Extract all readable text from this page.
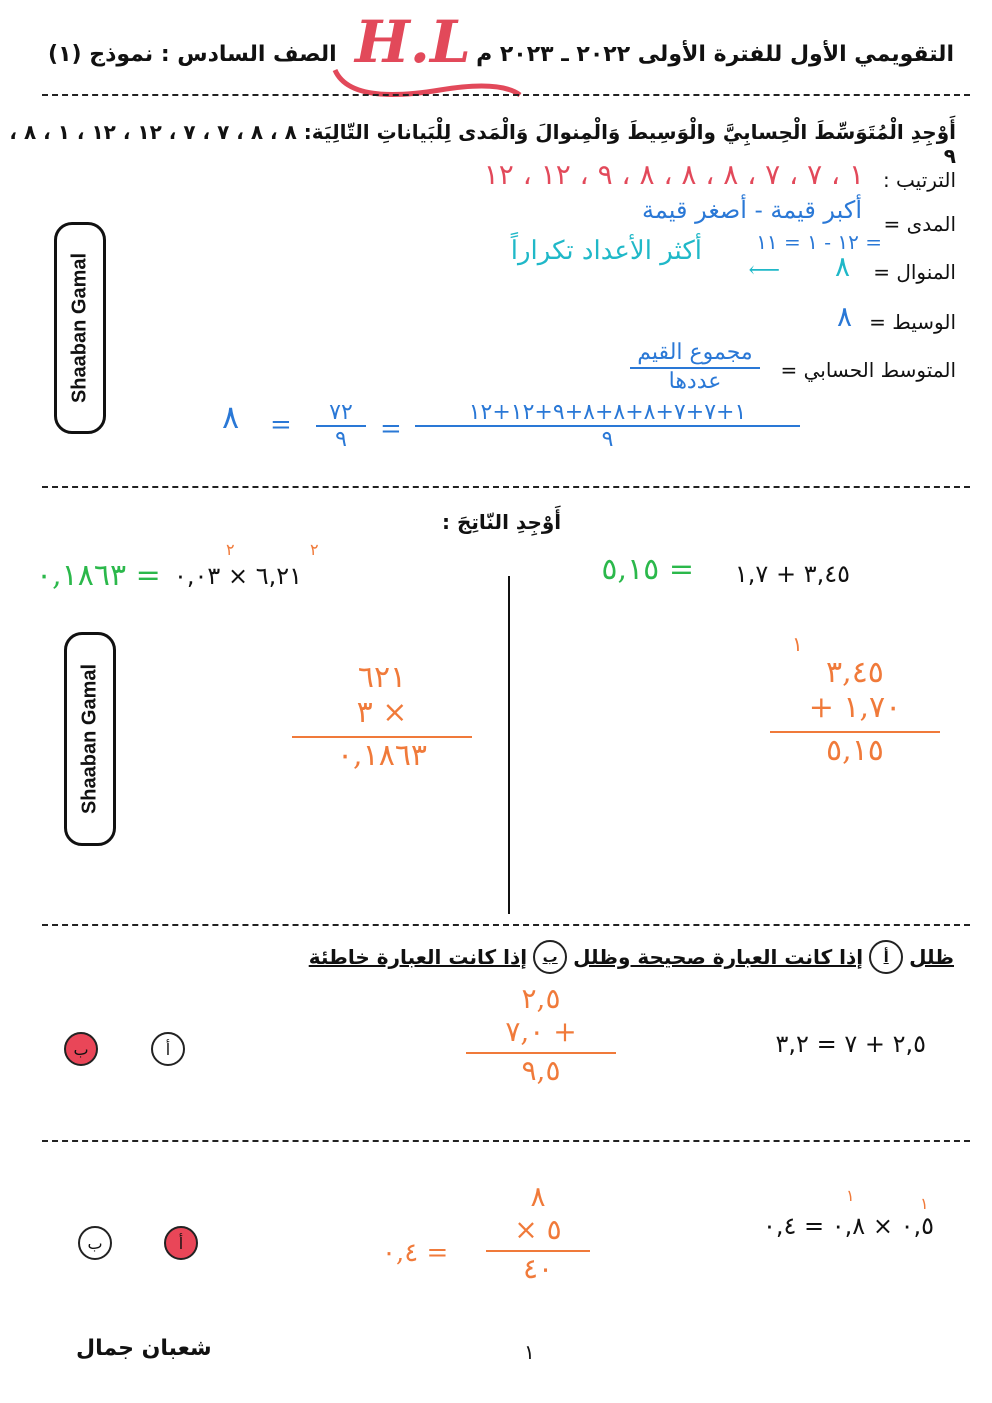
التقويمي الأول للفترة الأولى ٢٠٢٢ ـ ٢٠٢٣ م
الصف السادس : نموذج (١) H.L
Shaaban Gamal
أَوْجِدِ الْمُتَوَسِّطَ الْحِسابِيَّ والْوَسِيطَ وَالْمِنوالَ وَالْمَدى لِلْبَياناتِ التّالِيَة: ٨ ، ٨ ، ٧ ، ٧ ، ١٢ ، ١٢ ، ١ ، ٨ ، ٩
الترتيب :
١ ، ٧ ، ٧ ، ٨ ، ٨ ، ٨ ، ٩ ، ١٢ ، ١٢
المدى =
أكبر قيمة - أصغر قيمة
= ١٢ - ١ = ١١
المنوال =
٨
⟵
أكثر الأعداد تكراراً
الوسيط =
٨
المتوسط الحسابي =
مجموع القيم
عددها
١+٧+٧+٨+٨+٨+٩+١٢+١٢
٩
=
٧٢
٩
=
٨
أَوْجِدِ النّاتِجَ :
٣,٤٥ + ١,٧
= ٥,١٥
١
٣,٤٥
١,٧٠ +
٥,١٥
٢	٢
٦,٢١ × ٠,٠٣
= ٠,١٨٦٣
٦٢١
× ٣
٠,١٨٦٣
Shaaban Gamal
ظلل
أ
إذا كانت العبارة صحيحة وظلل
ب
إذا كانت العبارة خاطئة
٢,٥ + ٧ = ٣,٢
٢,٥
+ ٧,٠
٩,٥
أ
ب
١	١
٠,٥ × ٠,٨ = ٠,٤
٨
٥ ×
٤٠
= ٠,٤
أ
ب
١
شعبان جمال
